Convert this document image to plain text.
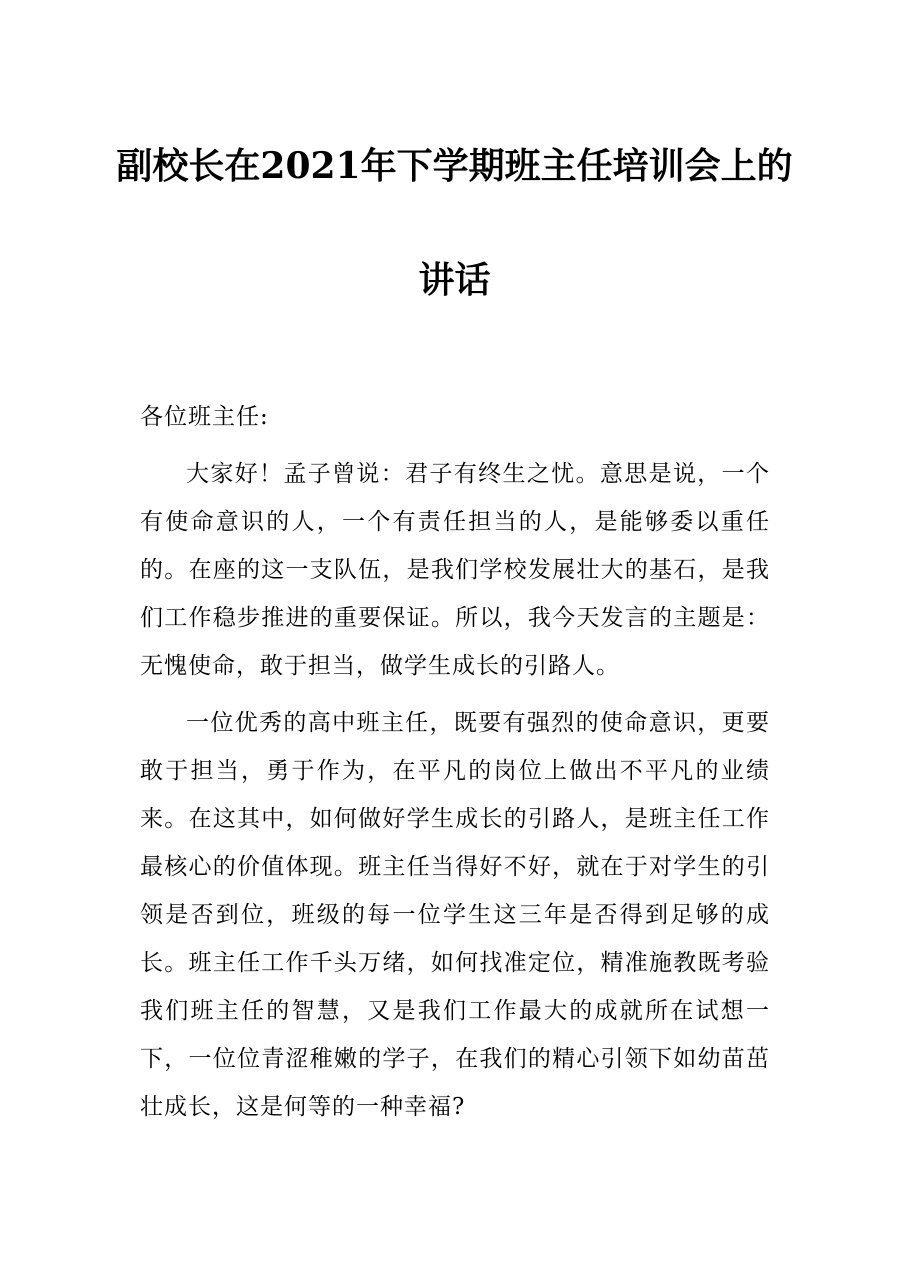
副校长在2021年下学期班主任培训会上的
讲话

各位班主任:

大家好！孟子曾说：君子有终生之忧。意思是说，一个有使命意识的人，一个有责任担当的人，是能够委以重任的。在座的这一支队伍，是我们学校发展壮大的基石，是我们工作稳步推进的重要保证。所以，我今天发言的主题是：无愧使命，敢于担当，做学生成长的引路人。

一位优秀的高中班主任，既要有强烈的使命意识，更要敢于担当，勇于作为，在平凡的岗位上做出不平凡的业绩来。在这其中，如何做好学生成长的引路人，是班主任工作最核心的价值体现。班主任当得好不好，就在于对学生的引领是否到位，班级的每一位学生这三年是否得到足够的成长。班主任工作千头万绪，如何找准定位，精准施教既考验我们班主任的智慧，又是我们工作最大的成就所在试想一下，一位位青涩稚嫩的学子，在我们的精心引领下如幼苗茁壮成长，这是何等的一种幸福?
